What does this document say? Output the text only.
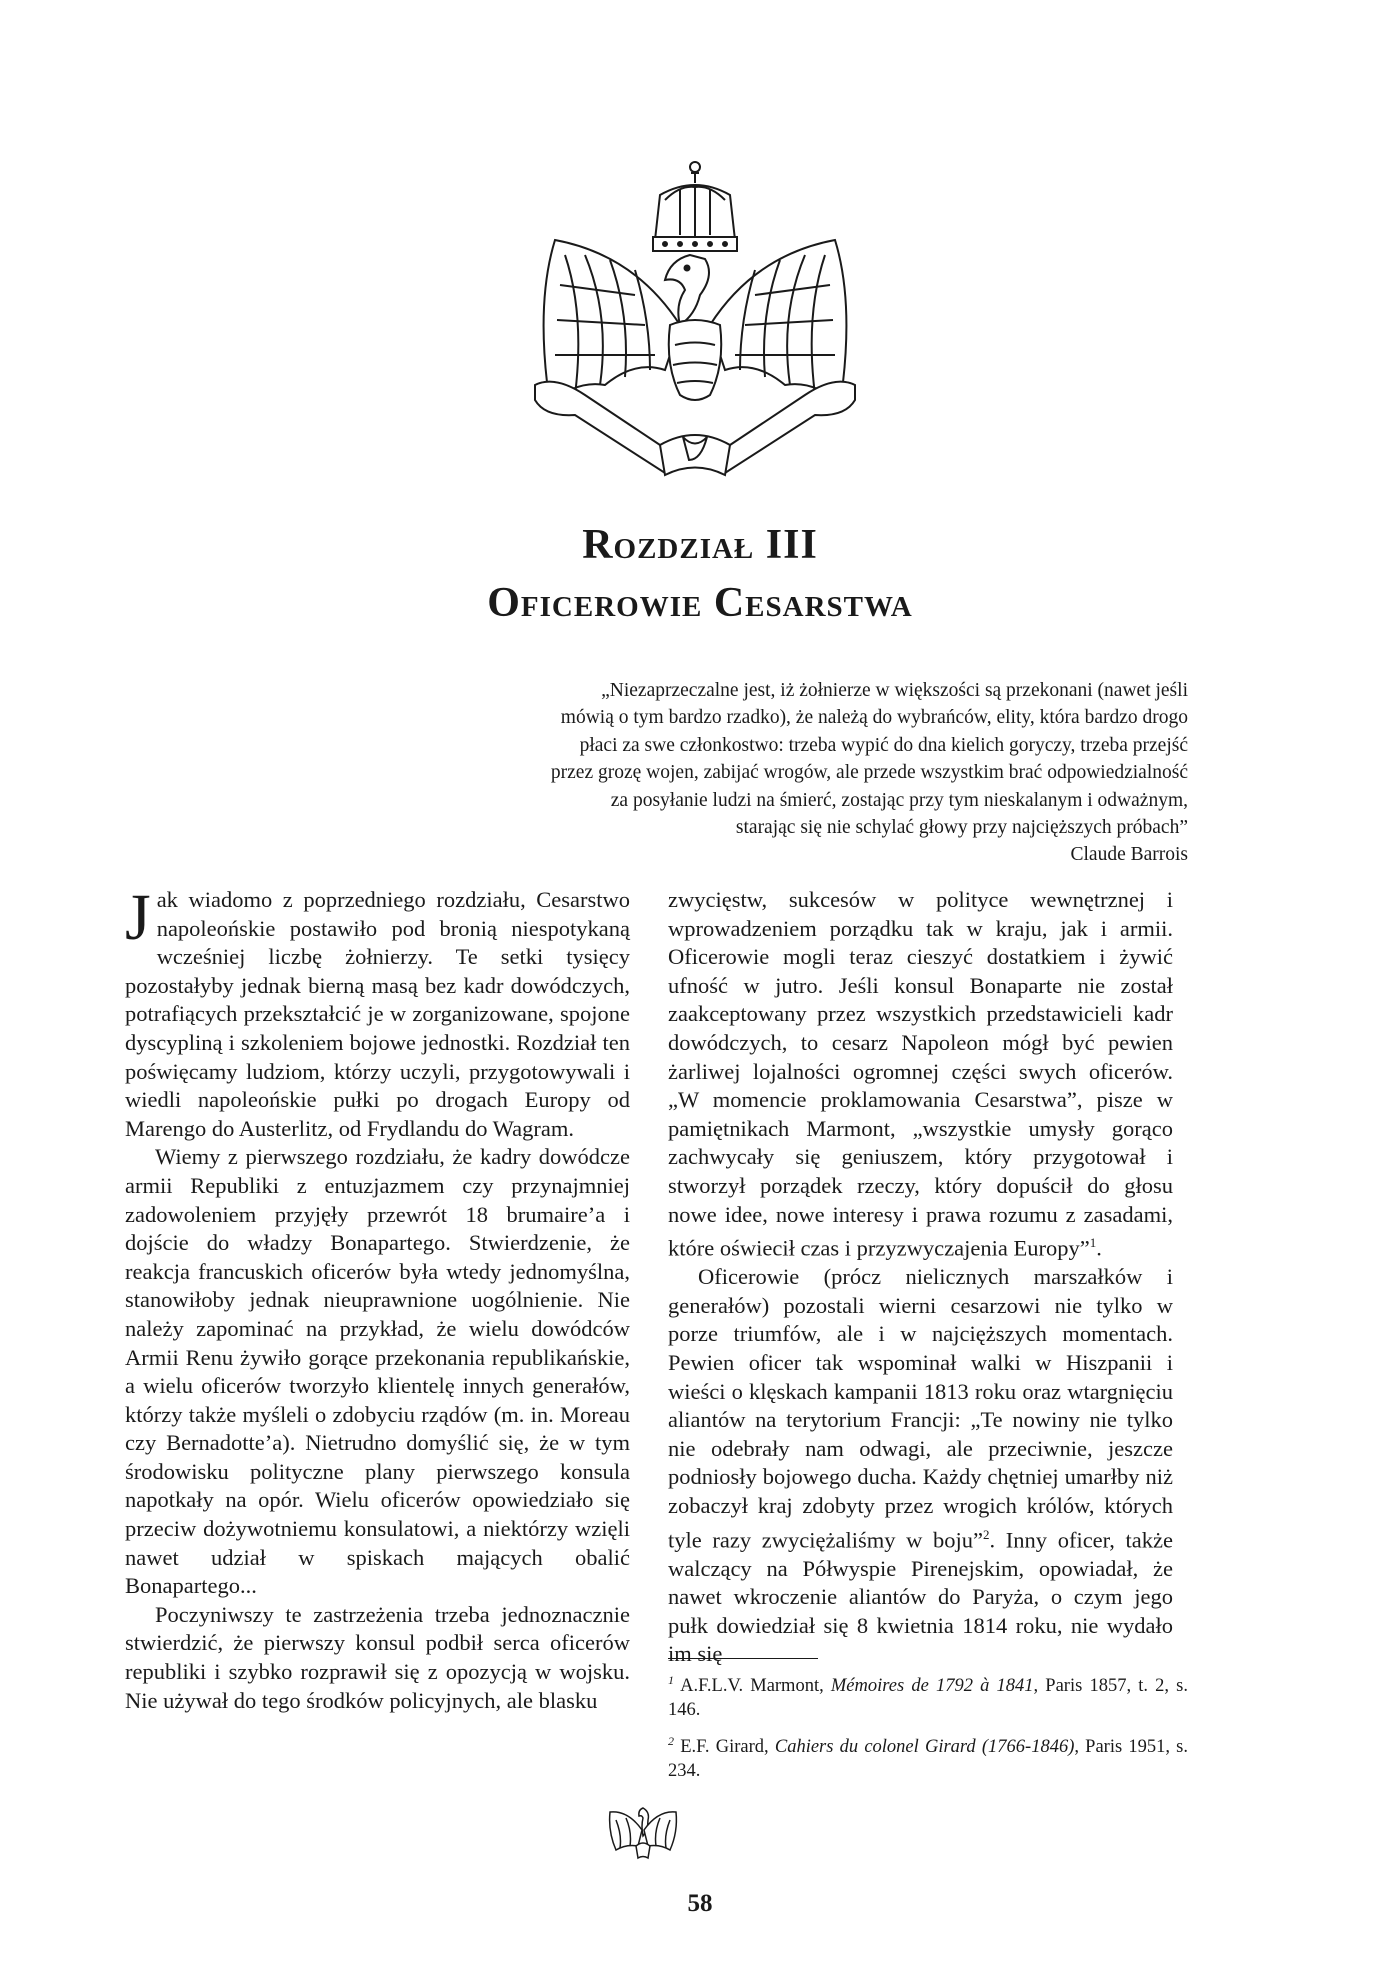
Rozdział III
Oficerowie Cesarstwa
„Niezaprzeczalne jest, iż żołnierze w większości są przekonani (nawet jeśli
mówią o tym bardzo rzadko), że należą do wybrańców, elity, która bardzo drogo
płaci za swe członkostwo: trzeba wypić do dna kielich goryczy, trzeba przejść
przez grozę wojen, zabijać wrogów, ale przede wszystkim brać odpowiedzialność
za posyłanie ludzi na śmierć, zostając przy tym nieskalanym i odważnym,
starając się nie schylać głowy przy najcięższych próbach”
Claude Barrois

Jak wiadomo z poprzedniego rozdziału, Cesarstwo napoleońskie postawiło pod bronią niespotykaną wcześniej liczbę żołnierzy. Te setki tysięcy pozostałyby jednak bierną masą bez kadr dowódczych, potrafiących przekształcić je w zorganizowane, spojone dyscypliną i szkoleniem bojowe jednostki. Rozdział ten poświęcamy ludziom, którzy uczyli, przygotowywali i wiedli napoleońskie pułki po drogach Europy od Marengo do Austerlitz, od Frydlandu do Wagram.

Wiemy z pierwszego rozdziału, że kadry dowódcze armii Republiki z entuzjazmem czy przynajmniej zadowoleniem przyjęły przewrót 18 brumaire’a i dojście do władzy Bonapartego. Stwierdzenie, że reakcja francuskich oficerów była wtedy jednomyślna, stanowiłoby jednak nieuprawnione uogólnienie. Nie należy zapominać na przykład, że wielu dowódców Armii Renu żywiło gorące przekonania republikańskie, a wielu oficerów tworzyło klientelę innych generałów, którzy także myśleli o zdobyciu rządów (m. in. Moreau czy Bernadotte’a). Nietrudno domyślić się, że w tym środowisku polityczne plany pierwszego konsula napotkały na opór. Wielu oficerów opowiedziało się przeciw dożywotniemu konsulatowi, a niektórzy wzięli nawet udział w spiskach mających obalić Bonapartego...

Poczyniwszy te zastrzeżenia trzeba jednoznacznie stwierdzić, że pierwszy konsul podbił serca oficerów republiki i szybko rozprawił się z opozycją w wojsku. Nie używał do tego środków policyjnych, ale blasku

zwycięstw, sukcesów w polityce wewnętrznej i wprowadzeniem porządku tak w kraju, jak i armii. Oficerowie mogli teraz cieszyć dostatkiem i żywić ufność w jutro. Jeśli konsul Bonaparte nie został zaakceptowany przez wszystkich przedstawicieli kadr dowódczych, to cesarz Napoleon mógł być pewien żarliwej lojalności ogromnej części swych oficerów. „W momencie proklamowania Cesarstwa”, pisze w pamiętnikach Marmont, „wszystkie umysły gorąco zachwycały się geniuszem, który przygotował i stworzył porządek rzeczy, który dopuścił do głosu nowe idee, nowe interesy i prawa rozumu z zasadami, które oświecił czas i przyzwyczajenia Europy”$^1$.

Oficerowie (prócz nielicznych marszałków i generałów) pozostali wierni cesarzowi nie tylko w porze triumfów, ale i w najcięższych momentach. Pewien oficer tak wspominał walki w Hiszpanii i wieści o klęskach kampanii 1813 roku oraz wtargnięciu aliantów na terytorium Francji: „Te nowiny nie tylko nie odebrały nam odwagi, ale przeciwnie, jeszcze podniosły bojowego ducha. Każdy chętniej umarłby niż zobaczył kraj zdobyty przez wrogich królów, których tyle razy zwyciężaliśmy w boju”$^2$. Inny oficer, także walczący na Półwyspie Pirenejskim, opowiadał, że nawet wkroczenie aliantów do Paryża, o czym jego pułk dowiedział się 8 kwietnia 1814 roku, nie wydało im się

$^1$ A.F.L.V. Marmont, Mémoires de 1792 à 1841, Paris 1857, t. 2, s. 146.

$^2$ E.F. Girard, Cahiers du colonel Girard (1766-1846), Paris 1951, s. 234.

58
